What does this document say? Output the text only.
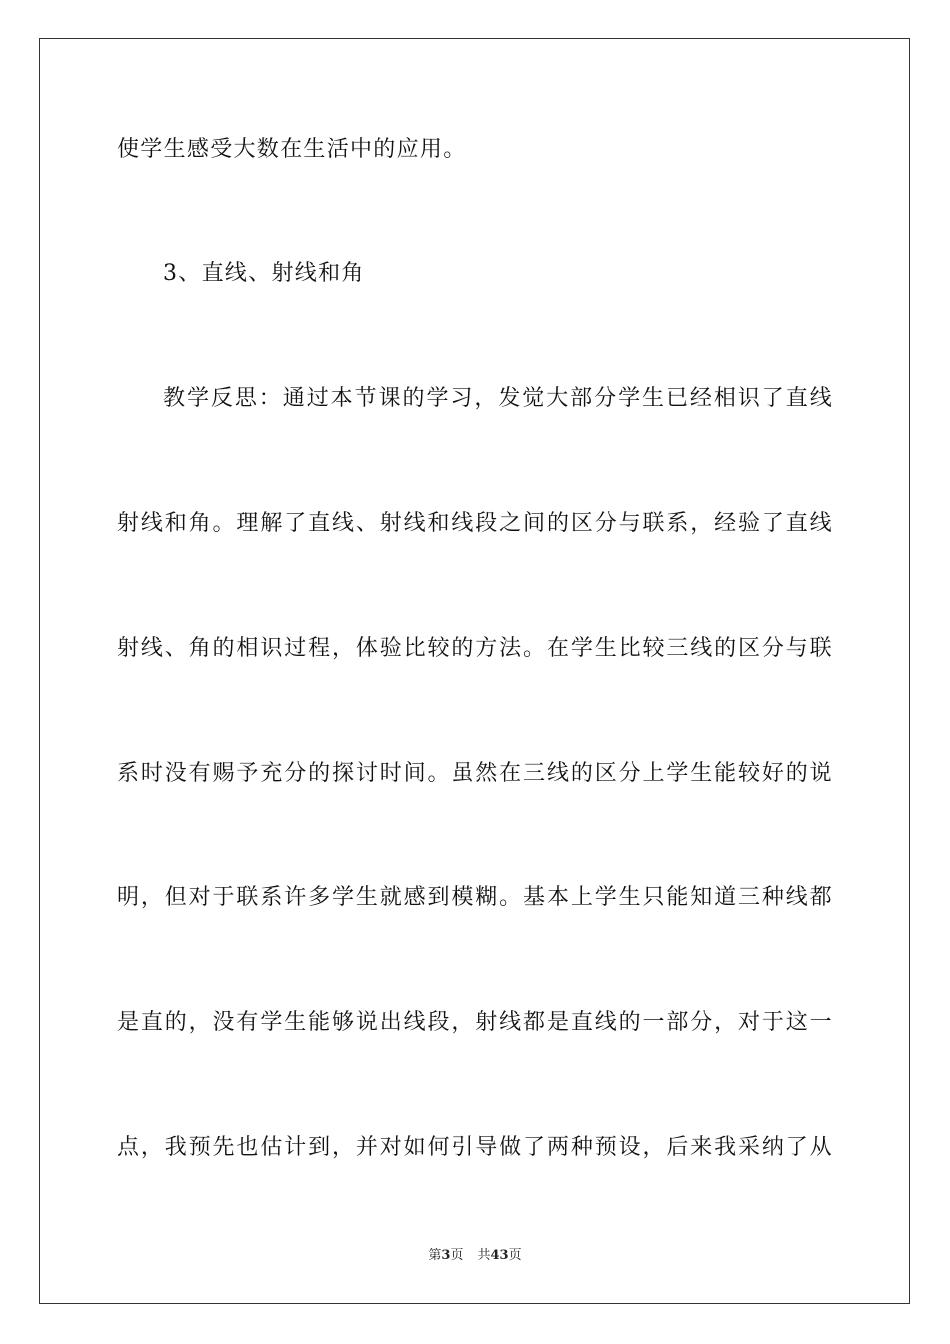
使学生感受大数在生活中的应用。
3、直线、射线和角
教学反思：通过本节课的学习，发觉大部分学生已经相识了直线
射线和角。理解了直线、射线和线段之间的区分与联系，经验了直线
射线、角的相识过程，体验比较的方法。在学生比较三线的区分与联
系时没有赐予充分的探讨时间。虽然在三线的区分上学生能较好的说
明，但对于联系许多学生就感到模糊。基本上学生只能知道三种线都
是直的，没有学生能够说出线段，射线都是直线的一部分，对于这一
点，我预先也估计到，并对如何引导做了两种预设，后来我采纳了从
第3页 共43页
